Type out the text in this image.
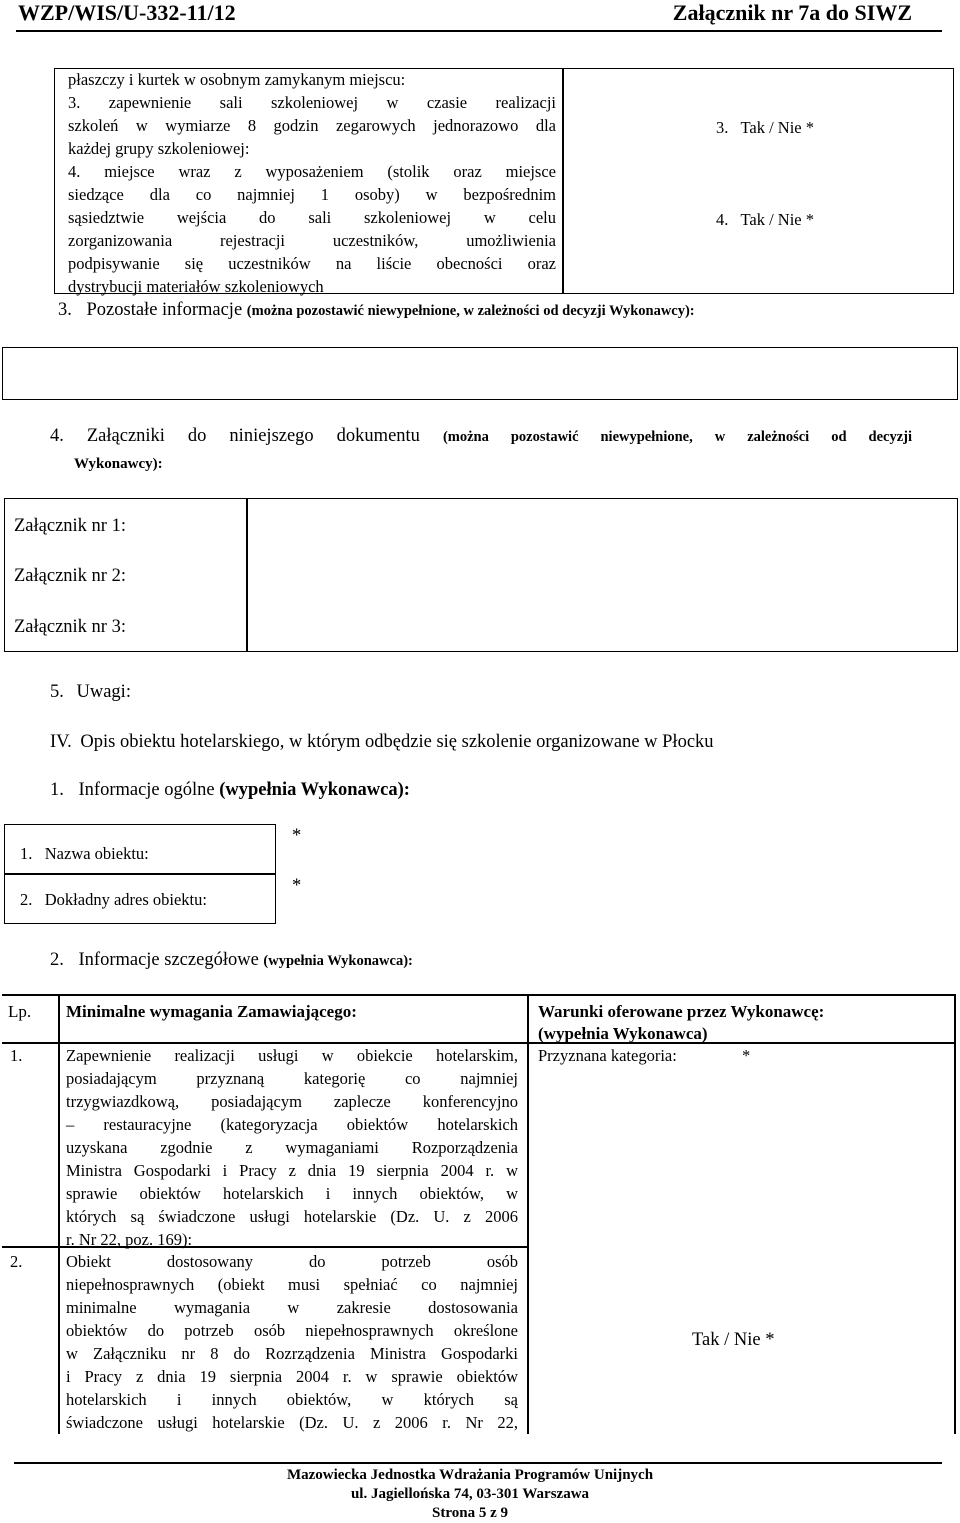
WZP/WIS/U-332-11/12	Załącznik nr 7a do SIWZ
płaszczy i kurtek w osobnym zamykanym miejscu:
3. zapewnienie sali szkoleniowej w czasie realizacji
szkoleń w wymiarze 8 godzin zegarowych jednorazowo dla
każdej grupy szkoleniowej:
4. miejsce wraz z wyposażeniem (stolik oraz miejsce
siedzące dla co najmniej 1 osoby) w bezpośrednim
sąsiedztwie wejścia do sali szkoleniowej w celu
zorganizowania rejestracji uczestników, umożliwienia
podpisywanie się uczestników na liście obecności oraz
dystrybucji materiałów szkoleniowych
3.   Tak / Nie *
4.   Tak / Nie *
3. Pozostałe informacje (można pozostawić niewypełnione, w zależności od decyzji Wykonawcy):
4. Załączniki do niniejszego dokumentu (można pozostawić niewypełnione, w zależności od decyzji
Wykonawcy):
Załącznik nr 1:
Załącznik nr 2:
Załącznik nr 3:
5. Uwagi:
IV. Opis obiektu hotelarskiego, w którym odbędzie się szkolenie organizowane w Płocku
1. Informacje ogólne (wypełnia Wykonawca):
1.   Nazwa obiektu:
2.   Dokładny adres obiektu:
*
*
2. Informacje szczegółowe (wypełnia Wykonawca):
Lp. Minimalne wymagania Zamawiającego:	Warunki oferowane przez Wykonawcę:
(wypełnia Wykonawca)
1.	Zapewnienie realizacji usługi w obiekcie hotelarskim,
posiadającym przyznaną kategorię co najmniej
trzygwiazdkową, posiadającym zaplecze konferencyjno
– restauracyjne (kategoryzacja obiektów hotelarskich
uzyskana zgodnie z wymaganiami Rozporządzenia
Ministra Gospodarki i Pracy z dnia 19 sierpnia 2004 r. w
sprawie obiektów hotelarskich i innych obiektów, w
których są świadczone usługi hotelarskie (Dz. U. z 2006
r. Nr 22, poz. 169):
Przyznana kategoria:	*
2.	Obiekt dostosowany do potrzeb osób
niepełnosprawnych (obiekt musi spełniać co najmniej
minimalne wymagania w zakresie dostosowania
obiektów do potrzeb osób niepełnosprawnych określone
w Załączniku nr 8 do Rozrządzenia Ministra Gospodarki
i Pracy z dnia 19 sierpnia 2004 r. w sprawie obiektów
hotelarskich i innych obiektów, w których są
świadczone usługi hotelarskie (Dz. U. z 2006 r. Nr 22,
Tak / Nie *
Mazowiecka Jednostka Wdrażania Programów Unijnych
ul. Jagiellońska 74, 03-301 Warszawa
Strona 5 z 9
